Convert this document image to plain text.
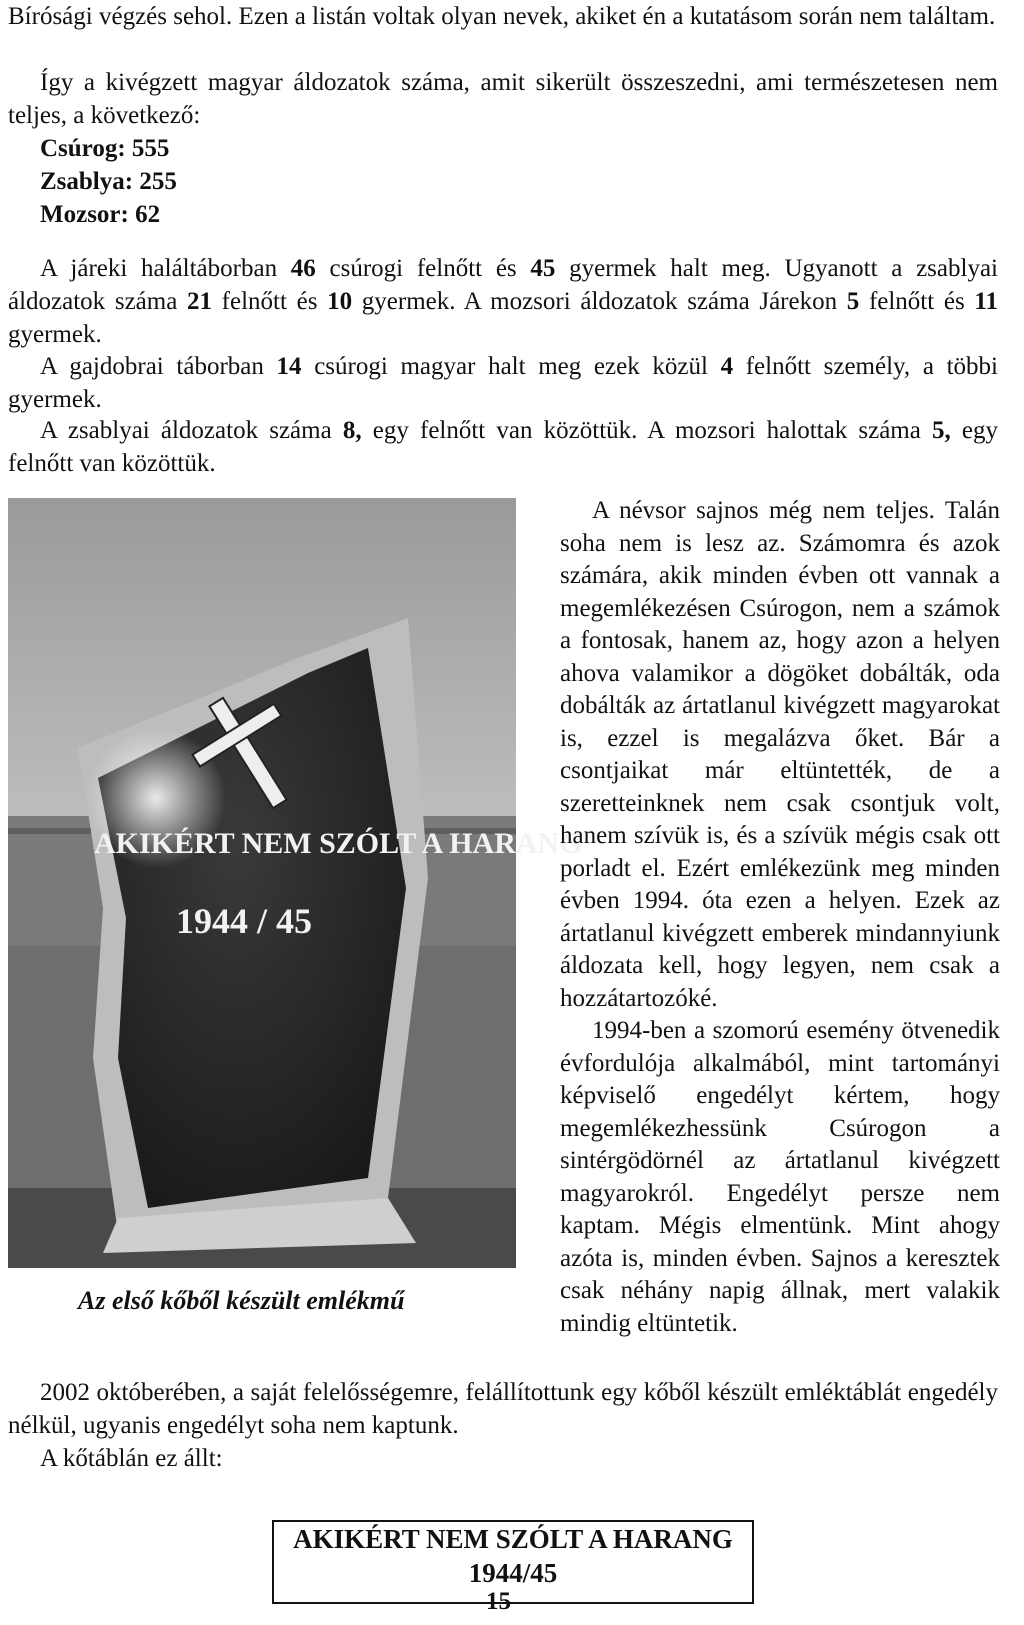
Bírósági végzés sehol. Ezen a listán voltak olyan nevek, akiket én a kutatásom során nem találtam.

Így a kivégzett magyar áldozatok száma, amit sikerült összeszedni, ami természetesen nem teljes, a következő:

Csúrog: 555
Zsablya: 255
Mozsor: 62

A járeki haláltáborban 46 csúrogi felnőtt és 45 gyermek halt meg. Ugyanott a zsablyai áldozatok száma 21 felnőtt és 10 gyermek. A mozsori áldozatok száma Járekon 5 felnőtt és 11 gyermek.

A gajdobrai táborban 14 csúrogi magyar halt meg ezek közül 4 felnőtt személy, a többi gyermek.

A zsablyai áldozatok száma 8, egy felnőtt van közöttük. A mozsori halottak száma 5, egy felnőtt van közöttük.

AKIKÉRT NEM SZÓLT A HARANG
1944 / 45
Az első kőből készült emlékmű

A névsor sajnos még nem teljes. Talán soha nem is lesz az. Számomra és azok számára, akik minden évben ott vannak a megemlékezésen Csúrogon, nem a számok a fontosak, hanem az, hogy azon a helyen ahova valamikor a dögöket dobálták, oda dobálták az ártatlanul kivégzett magyarokat is, ezzel is megalázva őket. Bár a csontjaikat már eltüntették, de a szeretteinknek nem csak csontjuk volt, hanem szívük is, és a szívük mégis csak ott porladt el. Ezért emlékezünk meg minden évben 1994. óta ezen a helyen. Ezek az ártatlanul kivégzett emberek mindannyiunk áldozata kell, hogy legyen, nem csak a hozzátartozóké.

1994-ben a szomorú esemény ötvenedik évfordulója alkalmából, mint tartományi képviselő engedélyt kértem, hogy megemlékezhessünk Csúrogon a sintérgödörnél az ártatlanul kivégzett magyarokról. Engedélyt persze nem kaptam. Mégis elmentünk. Mint ahogy azóta is, minden évben. Sajnos a keresztek csak néhány napig állnak, mert valakik mindig eltüntetik.

2002 októberében, a saját felelősségemre, felállítottunk egy kőből készült emléktáblát engedély nélkül, ugyanis engedélyt soha nem kaptunk.

A kőtáblán ez állt:

AKIKÉRT NEM SZÓLT A HARANG
1944/45
15
